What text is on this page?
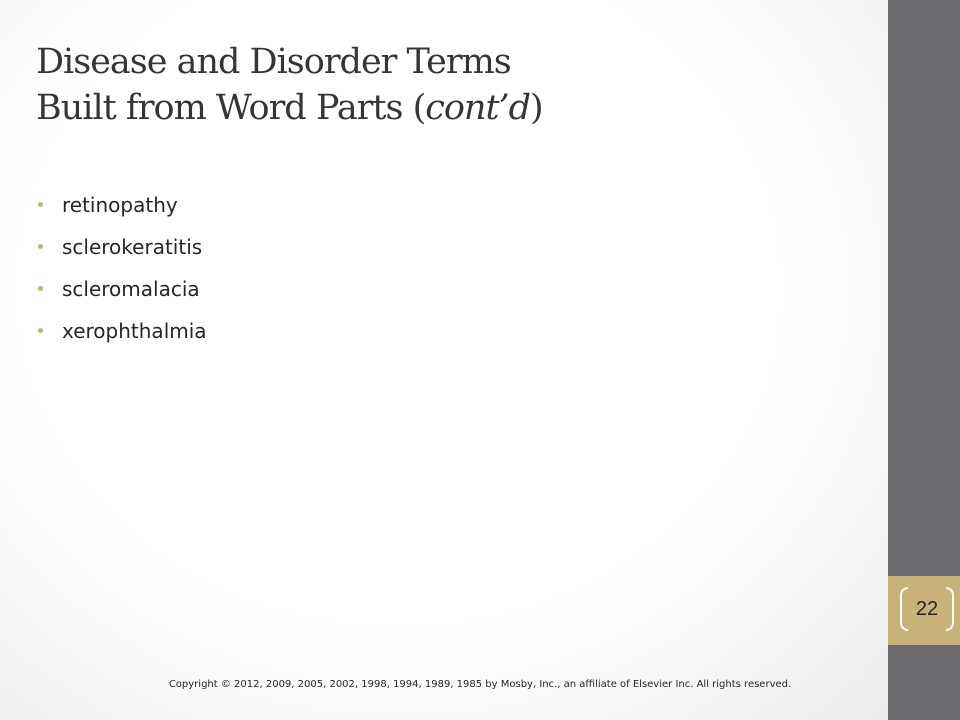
Disease and Disorder Terms
Built from Word Parts (cont’d)
retinopathy
sclerokeratitis
scleromalacia
xerophthalmia
22
Copyright © 2012, 2009, 2005, 2002, 1998, 1994, 1989, 1985 by Mosby, Inc., an affiliate of Elsevier Inc. All rights reserved.
